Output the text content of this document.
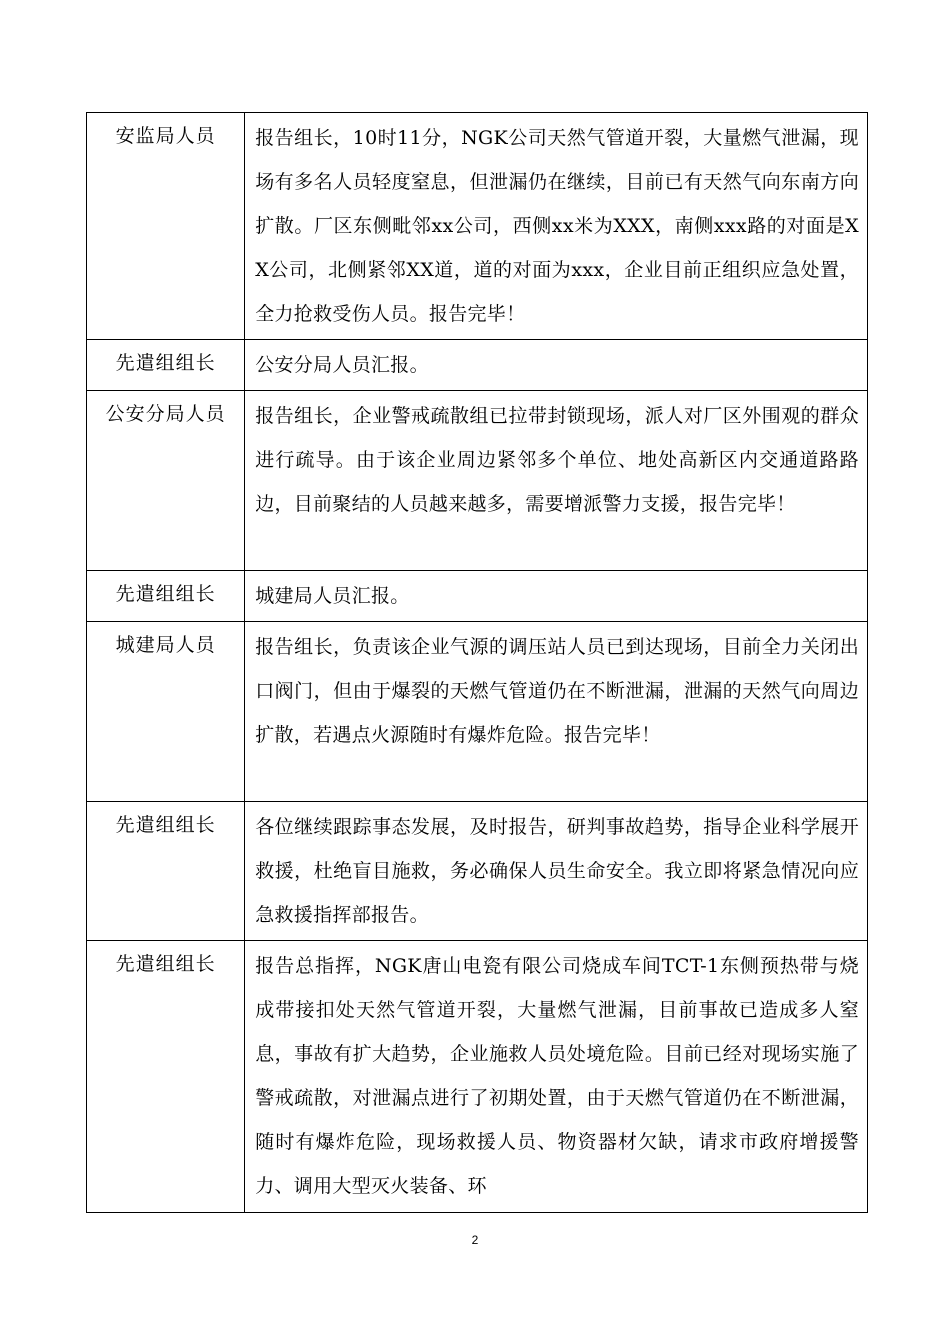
安监局人员	报告组长，10时11分，NGK公司天然气管道开裂，大量燃气泄漏，现场有多名人员轻度窒息，但泄漏仍在继续，目前已有天然气向东南方向扩散。厂区东侧毗邻xx公司，西侧xx米为XXX，南侧xxx路的对面是XX公司，北侧紧邻XX道，道的对面为xxx，企业目前正组织应急处置，全力抢救受伤人员。报告完毕！

先遣组组长	公安分局人员汇报。

公安分局人员	报告组长，企业警戒疏散组已拉带封锁现场，派人对厂区外围观的群众进行疏导。由于该企业周边紧邻多个单位、地处高新区内交通道路路边，目前聚结的人员越来越多，需要增派警力支援，报告完毕！

先遣组组长	城建局人员汇报。

城建局人员	报告组长，负责该企业气源的调压站人员已到达现场，目前全力关闭出口阀门，但由于爆裂的天燃气管道仍在不断泄漏，泄漏的天然气向周边扩散，若遇点火源随时有爆炸危险。报告完毕！

先遣组组长	各位继续跟踪事态发展，及时报告，研判事故趋势，指导企业科学展开救援，杜绝盲目施救，务必确保人员生命安全。我立即将紧急情况向应急救援指挥部报告。

先遣组组长	报告总指挥，NGK唐山电瓷有限公司烧成车间TCT-1东侧预热带与烧成带接扣处天然气管道开裂，大量燃气泄漏，目前事故已造成多人窒息，事故有扩大趋势，企业施救人员处境危险。目前已经对现场实施了警戒疏散，对泄漏点进行了初期处置，由于天燃气管道仍在不断泄漏，随时有爆炸危险，现场救援人员、物资器材欠缺，请求市政府增援警力、调用大型灭火装备、环
2
